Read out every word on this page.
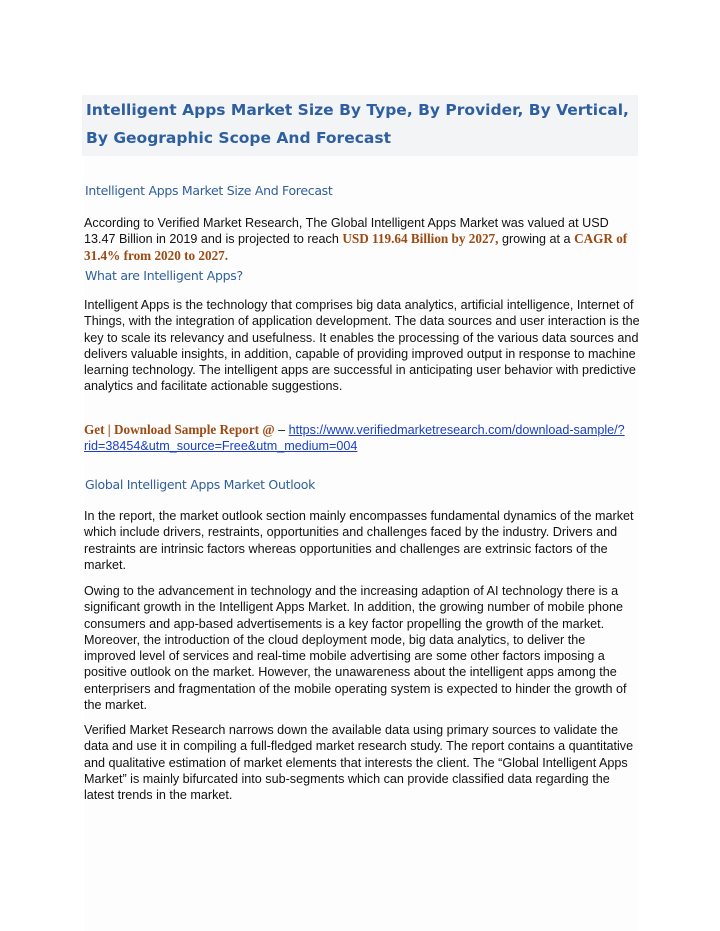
Intelligent Apps Market Size By Type, By Provider, By Vertical, By Geographic Scope And Forecast
Intelligent Apps Market Size And Forecast

According to Verified Market Research, The Global Intelligent Apps Market was valued at USD 13.47 Billion in 2019 and is projected to reach USD 119.64 Billion by 2027, growing at a CAGR of 31.4% from 2020 to 2027.

What are Intelligent Apps?

Intelligent Apps is the technology that comprises big data analytics, artificial intelligence, Internet of Things, with the integration of application development. The data sources and user interaction is the key to scale its relevancy and usefulness. It enables the processing of the various data sources and delivers valuable insights, in addition, capable of providing improved output in response to machine learning technology. The intelligent apps are successful in anticipating user behavior with predictive analytics and facilitate actionable suggestions.

Get | Download Sample Report @ – https://www.verifiedmarketresearch.com/download-sample/?rid=38454&utm_source=Free&utm_medium=004

Global Intelligent Apps Market Outlook

In the report, the market outlook section mainly encompasses fundamental dynamics of the market which include drivers, restraints, opportunities and challenges faced by the industry. Drivers and restraints are intrinsic factors whereas opportunities and challenges are extrinsic factors of the market.

Owing to the advancement in technology and the increasing adaption of AI technology there is a significant growth in the Intelligent Apps Market. In addition, the growing number of mobile phone consumers and app-based advertisements is a key factor propelling the growth of the market. Moreover, the introduction of the cloud deployment mode, big data analytics, to deliver the improved level of services and real-time mobile advertising are some other factors imposing a positive outlook on the market. However, the unawareness about the intelligent apps among the enterprisers and fragmentation of the mobile operating system is expected to hinder the growth of the market.

Verified Market Research narrows down the available data using primary sources to validate the data and use it in compiling a full-fledged market research study. The report contains a quantitative and qualitative estimation of market elements that interests the client. The “Global Intelligent Apps Market” is mainly bifurcated into sub-segments which can provide classified data regarding the latest trends in the market.
